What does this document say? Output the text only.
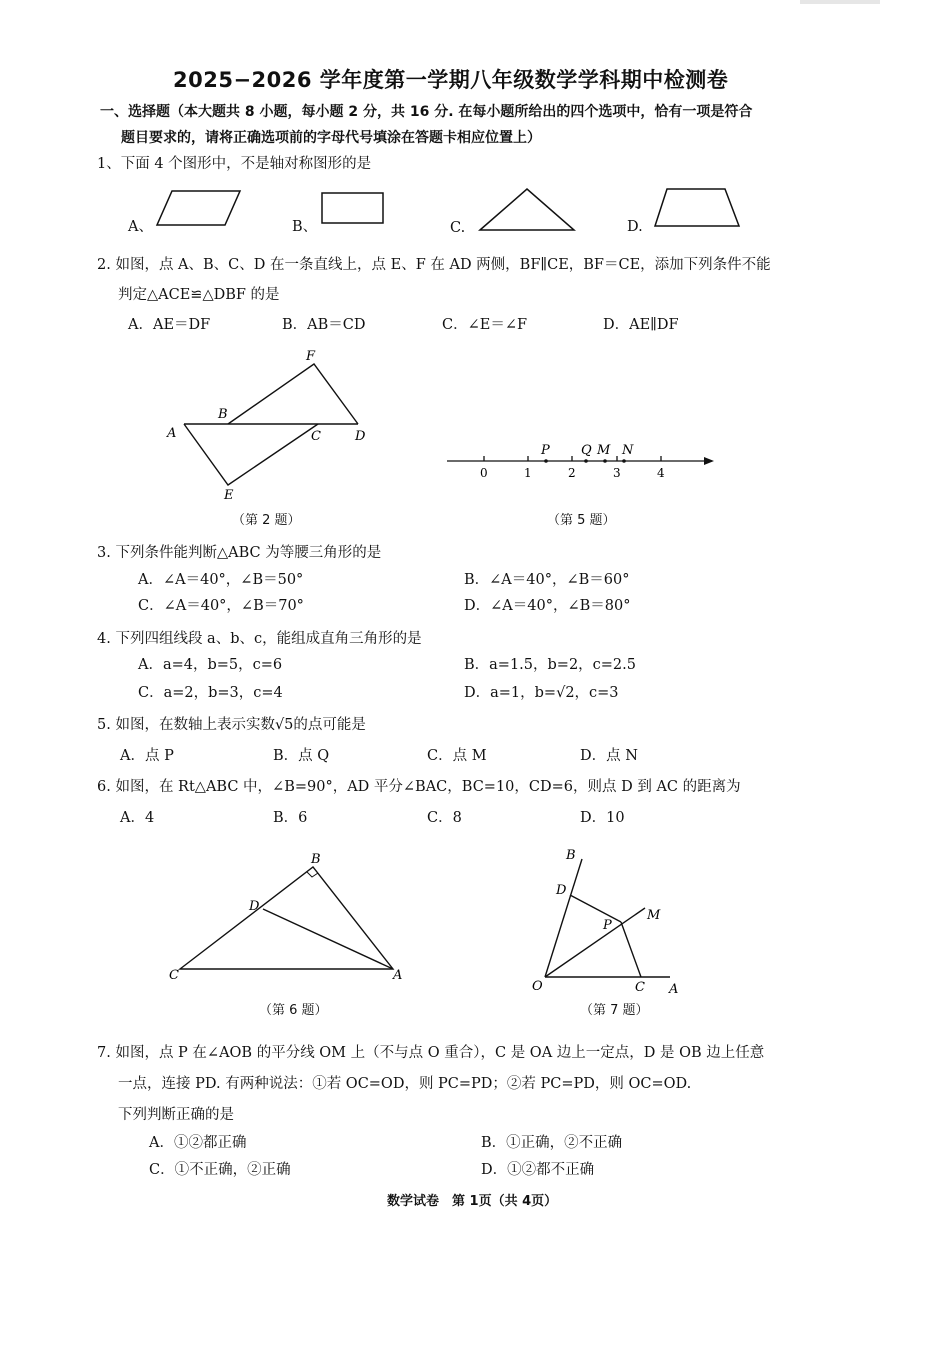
2025−2026 学年度第一学期八年级数学学科期中检测卷
一、选择题（本大题共 8 小题，每小题 2 分，共 16 分. 在每小题所给出的四个选项中，恰有一项是符合
题目要求的，请将正确选项前的字母代号填涂在答题卡相应位置上）
1、下面 4 个图形中，不是轴对称图形的是
A、	B、	C.	D.
2. 如图，点 A、B、C、D 在一条直线上，点 E、F 在 AD 两侧，BF∥CE，BF＝CE，添加下列条件不能
判定△ACE≌△DBF 的是
A．AE＝DF	B．AB＝CD	C．∠E＝∠F	D．AE∥DF
F
B
A	C	D
E
（第 2 题）
P Q M N
0	1	2	3	4
（第 5 题）
3. 下列条件能判断△ABC 为等腰三角形的是
A．∠A＝40°，∠B＝50°	B．∠A＝40°，∠B＝60°
C．∠A＝40°，∠B＝70°	D．∠A＝40°，∠B＝80°
4. 下列四组线段 a、b、c，能组成直角三角形的是
A．a=4，b=5，c=6	B．a=1.5，b=2，c=2.5
C．a=2，b=3，c=4	D．a=1，b=√2，c=3
5. 如图，在数轴上表示实数√5的点可能是
A．点 P	B．点 Q	C．点 M	D．点 N
6. 如图，在 Rt△ABC 中，∠B=90°，AD 平分∠BAC，BC=10，CD=6，则点 D 到 AC 的距离为
A．4	B．6	C．8	D．10
B
D
C	A
（第 6 题）
B
D
P
M
O	C A
（第 7 题）
7. 如图，点 P 在∠AOB 的平分线 OM 上（不与点 O 重合），C 是 OA 边上一定点，D 是 OB 边上任意
一点，连接 PD. 有两种说法：①若 OC=OD，则 PC=PD；②若 PC=PD，则 OC=OD.
下列判断正确的是
A．①②都正确	B．①正确，②不正确
C．①不正确，②正确	D．①②都不正确
数学试卷　第 1页（共 4页）
